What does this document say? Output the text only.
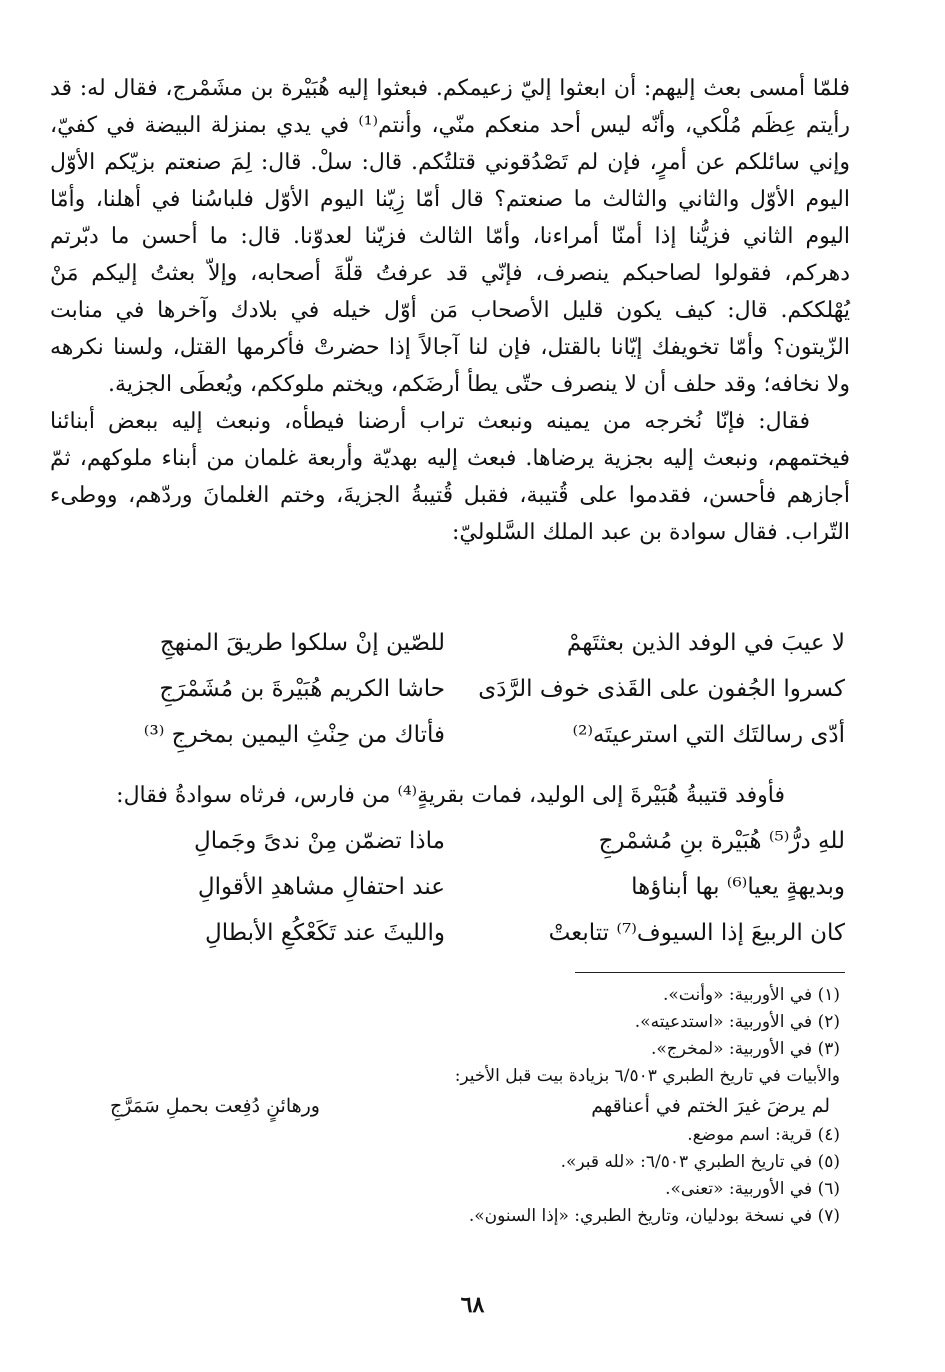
فلمّا أمسى بعث إليهم: أن ابعثوا إليّ زعيمكم. فبعثوا إليه هُبَيْرة بن مشَمْرج، فقال له: قد رأيتم عِظَم مُلْكي، وأنّه ليس أحد منعكم منّي، وأنتم⁽¹⁾ في يدي بمنزلة البيضة في كفيّ، وإني سائلكم عن أمرٍ، فإن لم تَصْدُقوني قتلتُكم. قال: سلْ. قال: لِمَ صنعتم بزيّكم الأوّل اليوم الأوّل والثاني والثالث ما صنعتم؟ قال أمّا زِيّنا اليوم الأوّل فلباسُنا في أهلنا، وأمّا اليوم الثاني فزيُّنا إذا أمنّا أمراءنا، وأمّا الثالث فزيّنا لعدوّنا. قال: ما أحسن ما دبّرتم دهركم، فقولوا لصاحبكم ينصرف، فإنّي قد عرفتُ قلّةَ أصحابه، وإلاّ بعثتُ إليكم مَنْ يُهْلككم. قال: كيف يكون قليل الأصحاب مَن أوّل خيله في بلادك وآخرها في منابت الزّيتون؟ وأمّا تخويفك إيّانا بالقتل، فإن لنا آجالاً إذا حضرتْ فأكرمها القتل، ولسنا نكرهه ولا نخافه؛ وقد حلف أن لا ينصرف حتّى يطأ أرضَكم، ويختم ملوككم، ويُعطَى الجزية.

فقال: فإنّا نُخرجه من يمينه ونبعث تراب أرضنا فيطأه، ونبعث إليه ببعض أبنائنا فيختمهم، ونبعث إليه بجزية يرضاها. فبعث إليه بهديّة وأربعة غلمان من أبناء ملوكهم، ثمّ أجازهم فأحسن، فقدموا على قُتيبة، فقبل قُتيبةُ الجزيةَ، وختم الغلمانَ وردّهم، ووطىء التّراب. فقال سوادة بن عبد الملك السَّلوليّ:

لا عيبَ في الوفد الذين بعثتَهمْ
للصّين إنْ سلكوا طريقَ المنهجِ
كسروا الجُفون على القَذى خوف الرَّدَى
حاشا الكريم هُبَيْرةَ بن مُشَمْرَجِ
أدّى رسالتَك التي استرعيتَه⁽²⁾
فأتاك من حِنْثِ اليمين بمخرجِ ⁽³⁾
فأوفد قتيبةُ هُبَيْرةَ إلى الوليد، فمات بقريةٍ⁽⁴⁾ من فارس، فرثاه سوادةُ فقال:
للهِ درُّ⁽⁵⁾ هُبَيْرة بنِ مُشمْرجِ
ماذا تضمّن مِنْ ندىً وجَمالِ
وبديهةٍ يعيا⁽⁶⁾ بها أبناؤها
عند احتفالِ مشاهدِ الأقوالِ
كان الربيعَ إذا السيوف⁽⁷⁾ تتابعتْ
والليثَ عند تَكَعْكُعِ الأبطالِ
(١) في الأوربية: «وأنت».
(٢) في الأوربية: «استدعيته».
(٣) في الأوربية: «لمخرج».
والأبيات في تاريخ الطبري ٦/٥٠٣ بزيادة بيت قبل الأخير:
لم يرضَ غيرَ الختم في أعناقهم
ورهائنٍ دُفِعت بحملِ سَمَرَّجِ
(٤) قرية: اسم موضع.
(٥) في تاريخ الطبري ٦/٥٠٣: «لله قبر».
(٦) في الأوربية: «تعنى».
(٧) في نسخة بودليان، وتاريخ الطبري: «إذا السنون».
٦٨
